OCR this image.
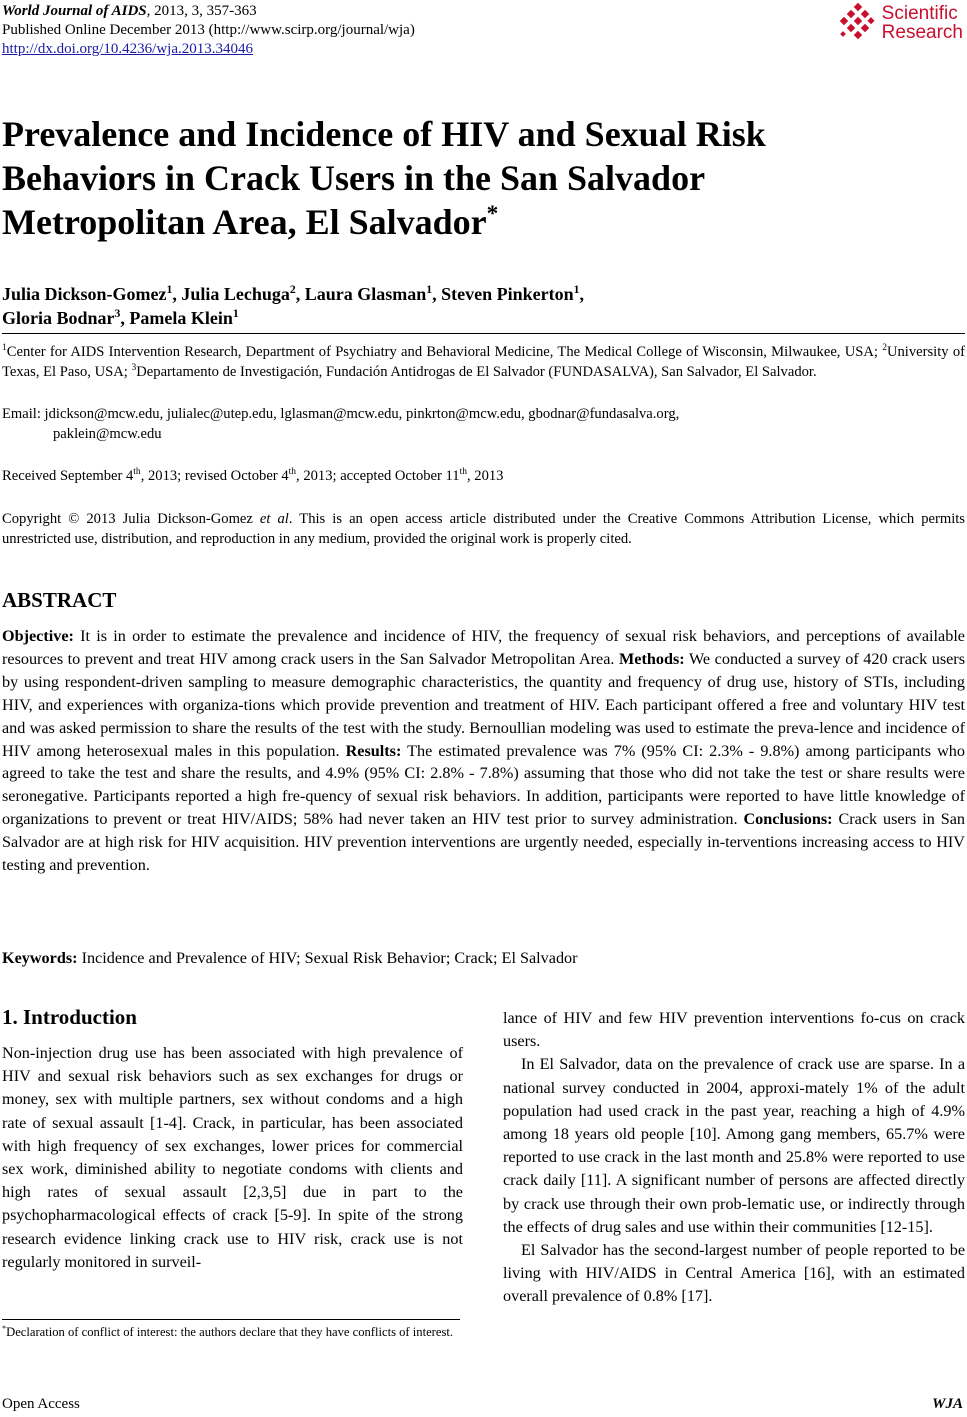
World Journal of AIDS, 2013, 3, 357-363
Published Online December 2013 (http://www.scirp.org/journal/wja)
http://dx.doi.org/10.4236/wja.2013.34046
Scientific
Research
Prevalence and Incidence of HIV and Sexual Risk Behaviors in Crack Users in the San Salvador Metropolitan Area, El Salvador*
Julia Dickson-Gomez$^1$, Julia Lechuga$^2$, Laura Glasman$^1$, Steven Pinkerton$^1$,
Gloria Bodnar$^3$, Pamela Klein$^1$
$^1$Center for AIDS Intervention Research, Department of Psychiatry and Behavioral Medicine, The Medical College of Wisconsin, Milwaukee, USA; $^2$University of Texas, El Paso, USA; $^3$Departamento de Investigación, Fundación Antidrogas de El Salvador (FUNDASALVA), San Salvador, El Salvador.
Email: jdickson@mcw.edu, julialec@utep.edu, lglasman@mcw.edu, pinkrton@mcw.edu, gbodnar@fundasalva.org,
paklein@mcw.edu
Received September 4th, 2013; revised October 4th, 2013; accepted October 11th, 2013
Copyright © 2013 Julia Dickson-Gomez et al. This is an open access article distributed under the Creative Commons Attribution License, which permits unrestricted use, distribution, and reproduction in any medium, provided the original work is properly cited.
ABSTRACT
Objective: It is in order to estimate the prevalence and incidence of HIV, the frequency of sexual risk behaviors, and perceptions of available resources to prevent and treat HIV among crack users in the San Salvador Metropolitan Area. Methods: We conducted a survey of 420 crack users by using respondent-driven sampling to measure demographic characteristics, the quantity and frequency of drug use, history of STIs, including HIV, and experiences with organiza-tions which provide prevention and treatment of HIV. Each participant offered a free and voluntary HIV test and was asked permission to share the results of the test with the study. Bernoullian modeling was used to estimate the preva-lence and incidence of HIV among heterosexual males in this population. Results: The estimated prevalence was 7% (95% CI: 2.3% - 9.8%) among participants who agreed to take the test and share the results, and 4.9% (95% CI: 2.8% - 7.8%) assuming that those who did not take the test or share results were seronegative. Participants reported a high fre-quency of sexual risk behaviors. In addition, participants were reported to have little knowledge of organizations to prevent or treat HIV/AIDS; 58% had never taken an HIV test prior to survey administration. Conclusions: Crack users in San Salvador are at high risk for HIV acquisition. HIV prevention interventions are urgently needed, especially in-terventions increasing access to HIV testing and prevention.
Keywords: Incidence and Prevalence of HIV; Sexual Risk Behavior; Crack; El Salvador
1. Introduction

Non-injection drug use has been associated with high prevalence of HIV and sexual risk behaviors such as sex exchanges for drugs or money, sex with multiple partners, sex without condoms and a high rate of sexual assault [1-4]. Crack, in particular, has been associated with high frequency of sex exchanges, lower prices for commercial sex work, diminished ability to negotiate condoms with clients and high rates of sexual assault [2,3,5] due in part to the psychopharmacological effects of crack [5-9]. In spite of the strong research evidence linking crack use to HIV risk, crack use is not regularly monitored in surveil-

lance of HIV and few HIV prevention interventions fo-cus on crack users.

In El Salvador, data on the prevalence of crack use are sparse. In a national survey conducted in 2004, approxi-mately 1% of the adult population had used crack in the past year, reaching a high of 4.9% among 18 years old people [10]. Among gang members, 65.7% were reported to use crack in the last month and 25.8% were reported to use crack daily [11]. A significant number of persons are affected directly by crack use through their own prob-lematic use, or indirectly through the effects of drug sales and use within their communities [12-15].

El Salvador has the second-largest number of people reported to be living with HIV/AIDS in Central America [16], with an estimated overall prevalence of 0.8% [17].

*Declaration of conflict of interest: the authors declare that they have conflicts of interest.
Open Access	WJA
